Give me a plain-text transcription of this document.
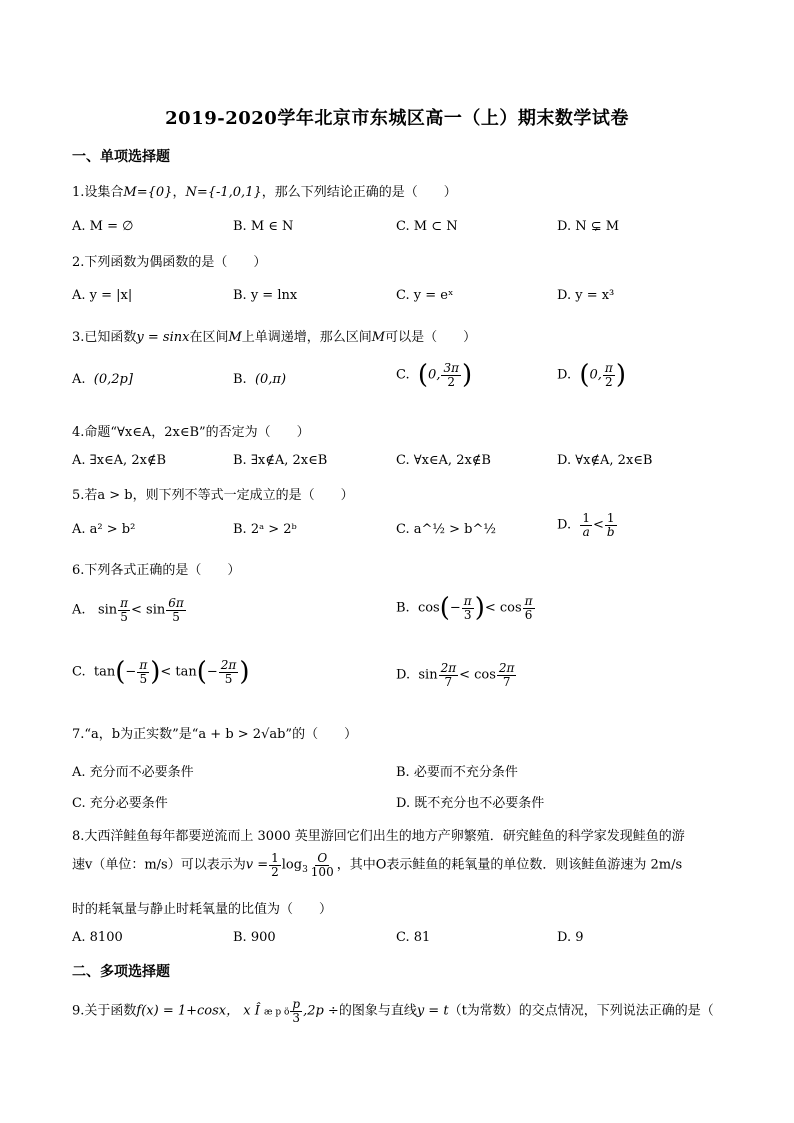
2019-2020学年北京市东城区高一（上）期末数学试卷
一、单项选择题
1.设集合M={0}，N={-1,0,1}，那么下列结论正确的是（　　）
A. M = ∅	B. M ∈ N	C. M ⊂ N	D. N ⊊ M
2.下列函数为偶函数的是（　　）
A. y = |x|	B. y = lnx	C. y = eˣ	D. y = x³
3.已知函数y = sinx在区间M上单调递增，那么区间M可以是（　　）
A. (0,2p]	B. (0,π)	C. (0, $\frac{3\pi}{2}$ )	D. (0, $\frac{\pi}{2}$ )
4.命题“∀x∈A，2x∈B”的否定为（　　）
A. ∃x∈A, 2x∉B	B. ∃x∉A, 2x∈B	C. ∀x∈A, 2x∉B	D. ∀x∉A, 2x∈B
5.若a > b，则下列不等式一定成立的是（　　）
A. a² > b²	B. 2ᵃ > 2ᵇ	C. a^½ > b^½	D. $\frac{1}{a} < \frac{1}{b}$
6.下列各式正确的是（　　）
A. $\sin \frac{\pi}{5} < \sin \frac{6\pi}{5}$	B. $\cos(- \frac{\pi}{3}$ )< $\cos \frac{\pi}{6}$
C. $\tan(- \frac{\pi}{5}$ )< $\tan(- \frac{2\pi}{5}$ )	D. $\sin \frac{2\pi}{7} < \cos \frac{2\pi}{7}$
7.“a，b为正实数”是“a + b > 2√ab”的（　　）
A. 充分而不必要条件	B. 必要而不充分条件
C. 充分必要条件	D. 既不充分也不必要条件
8.大西洋鲑鱼每年都要逆流而上 3000 英里游回它们出生的地方产卵繁殖．研究鲑鱼的科学家发现鲑鱼的游
速v（单位：m/s）可以表示为$v = \frac{1}{2} \log_3 \frac{O}{100}$ ，其中O表示鲑鱼的耗氧量的单位数．则该鲑鱼游速为 2m/s
时的耗氧量与静止时耗氧量的比值为（　　）
A. 8100	B. 900	C. 81	D. 9
二、多项选择题
9.关于函数f(x) = 1+cosx， x Î æ p ö $\frac{p}{3} ,2p$ ÷的图象与直线y = t（t为常数）的交点情况，下列说法正确的是（
